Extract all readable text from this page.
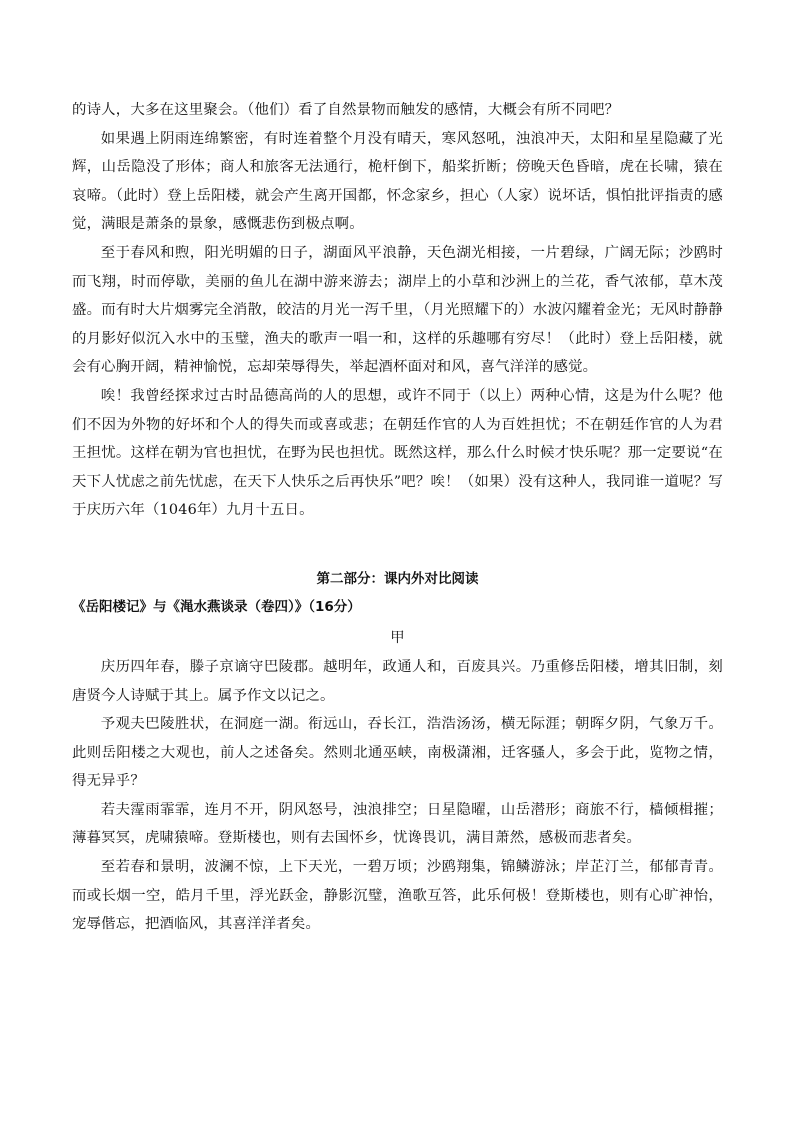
的诗人，大多在这里聚会。（他们）看了自然景物而触发的感情，大概会有所不同吧？

如果遇上阴雨连绵繁密，有时连着整个月没有晴天，寒风怒吼，浊浪冲天，太阳和星星隐藏了光辉，山岳隐没了形体；商人和旅客无法通行，桅杆倒下，船桨折断；傍晚天色昏暗，虎在长啸，猿在哀啼。（此时）登上岳阳楼，就会产生离开国都，怀念家乡，担心（人家）说坏话，惧怕批评指责的感觉，满眼是萧条的景象，感慨悲伤到极点啊。

至于春风和煦，阳光明媚的日子，湖面风平浪静，天色湖光相接，一片碧绿，广阔无际；沙鸥时而飞翔，时而停歇，美丽的鱼儿在湖中游来游去；湖岸上的小草和沙洲上的兰花，香气浓郁，草木茂盛。而有时大片烟雾完全消散，皎洁的月光一泻千里，（月光照耀下的）水波闪耀着金光；无风时静静的月影好似沉入水中的玉璧，渔夫的歌声一唱一和，这样的乐趣哪有穷尽！（此时）登上岳阳楼，就会有心胸开阔，精神愉悦，忘却荣辱得失，举起酒杯面对和风，喜气洋洋的感觉。

唉！我曾经探求过古时品德高尚的人的思想，或许不同于（以上）两种心情，这是为什么呢？他们不因为外物的好坏和个人的得失而或喜或悲；在朝廷作官的人为百姓担忧；不在朝廷作官的人为君王担忧。这样在朝为官也担忧，在野为民也担忧。既然这样，那么什么时候才快乐呢？那一定要说“在天下人忧虑之前先忧虑，在天下人快乐之后再快乐”吧？唉！（如果）没有这种人，我同谁一道呢？写于庆历六年（1046年）九月十五日。

第二部分：课内外对比阅读

《岳阳楼记》与《渑水燕谈录（卷四）》（16分）

甲

庆历四年春，滕子京谪守巴陵郡。越明年，政通人和，百废具兴。乃重修岳阳楼，增其旧制，刻唐贤今人诗赋于其上。属予作文以记之。

予观夫巴陵胜状，在洞庭一湖。衔远山，吞长江，浩浩汤汤，横无际涯；朝晖夕阴，气象万千。此则岳阳楼之大观也，前人之述备矣。然则北通巫峡，南极潇湘，迁客骚人，多会于此，览物之情，得无异乎？

若夫霪雨霏霏，连月不开，阴风怒号，浊浪排空；日星隐曜，山岳潜形；商旅不行，樯倾楫摧；薄暮冥冥，虎啸猿啼。登斯楼也，则有去国怀乡，忧谗畏讥，满目萧然，感极而悲者矣。

至若春和景明，波澜不惊，上下天光，一碧万顷；沙鸥翔集，锦鳞游泳；岸芷汀兰，郁郁青青。而或长烟一空，皓月千里，浮光跃金，静影沉璧，渔歌互答，此乐何极！登斯楼也，则有心旷神怡，宠辱偕忘，把酒临风，其喜洋洋者矣。
